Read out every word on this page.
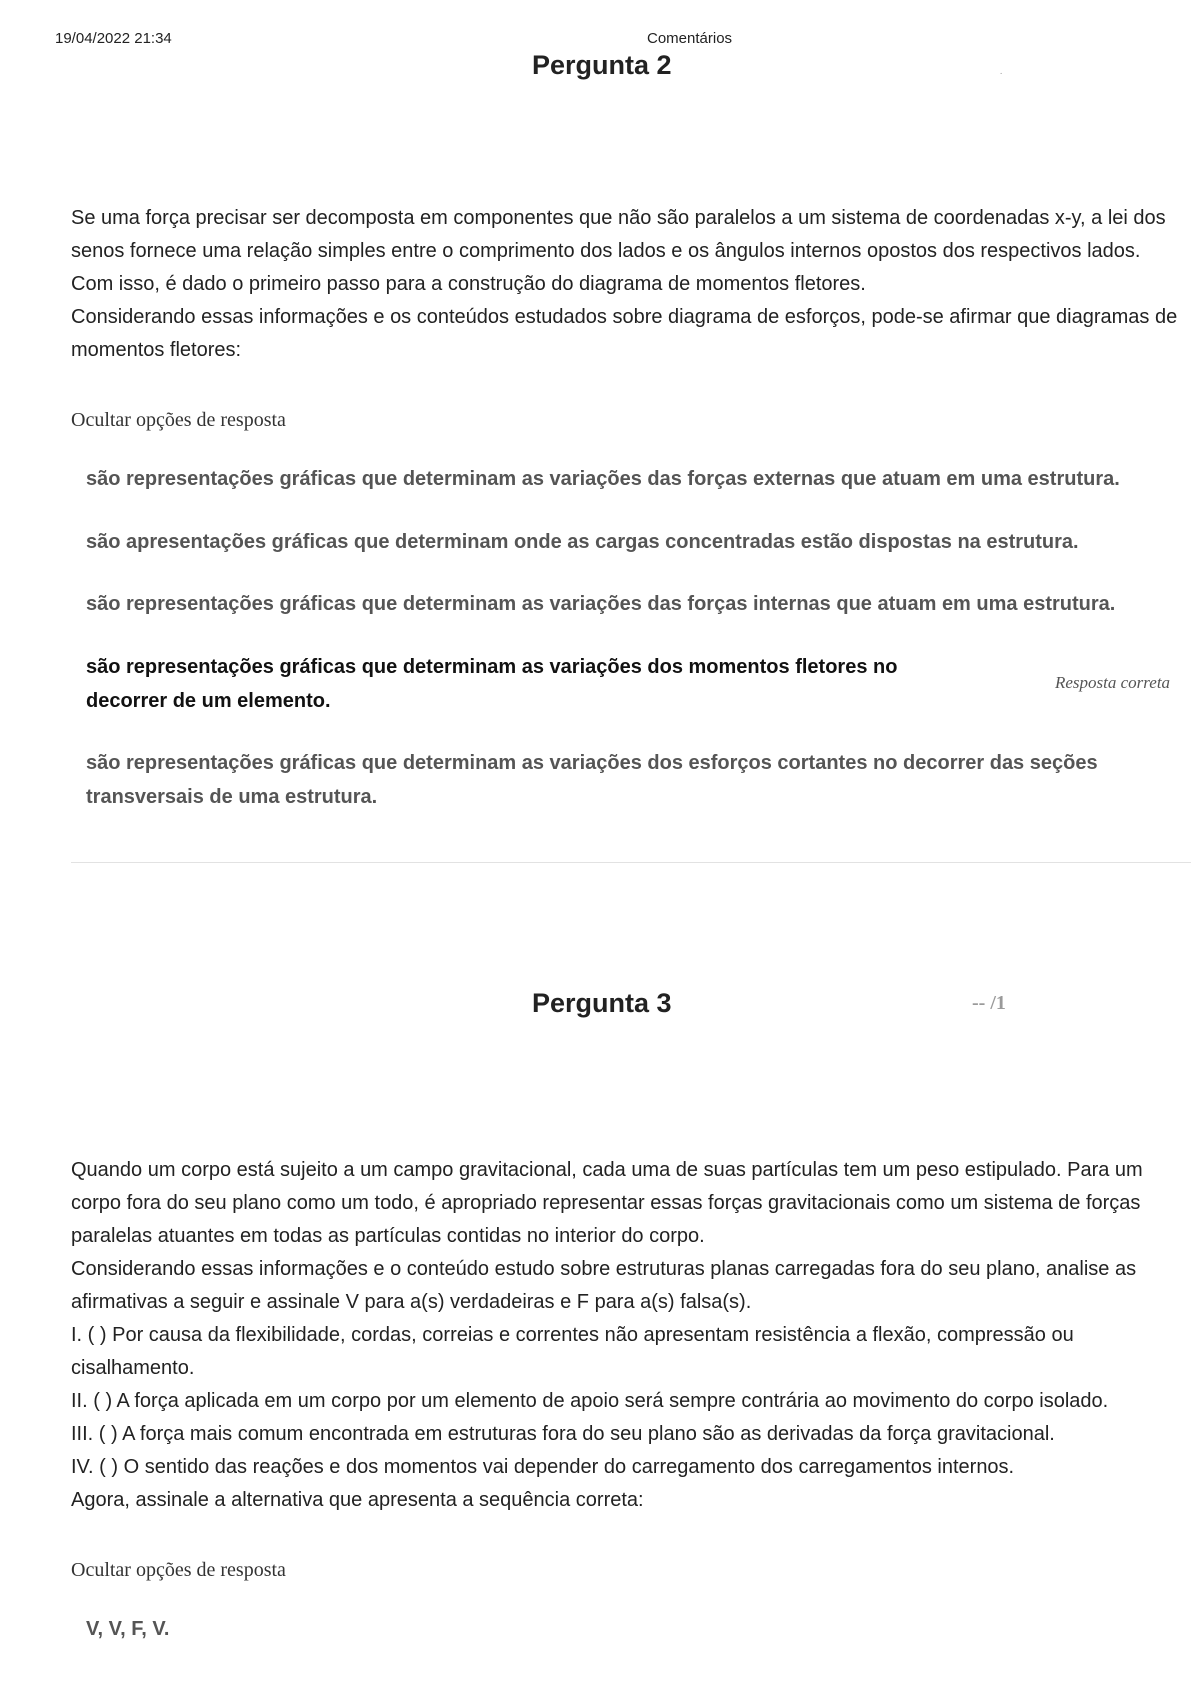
19/04/2022 21:34	Comentários
Pergunta 2	.

Se uma força precisar ser decomposta em componentes que não são paralelos a um sistema de coordenadas x-y, a lei dos senos fornece uma relação simples entre o comprimento dos lados e os ângulos internos opostos dos respectivos lados. Com isso, é dado o primeiro passo para a construção do diagrama de momentos fletores.

Considerando essas informações e os conteúdos estudados sobre diagrama de esforços, pode-se afirmar que diagramas de momentos fletores:

Ocultar opções de resposta
são representações gráficas que determinam as variações das forças externas que atuam em uma estrutura.
são apresentações gráficas que determinam onde as cargas concentradas estão dispostas na estrutura.
são representações gráficas que determinam as variações das forças internas que atuam em uma estrutura.
são representações gráficas que determinam as variações dos momentos fletores no decorrer de um elemento.
Resposta correta
são representações gráficas que determinam as variações dos esforços cortantes no decorrer das seções transversais de uma estrutura.
Pergunta 3	-- /1

Quando um corpo está sujeito a um campo gravitacional, cada uma de suas partículas tem um peso estipulado. Para um corpo fora do seu plano como um todo, é apropriado representar essas forças gravitacionais como um sistema de forças paralelas atuantes em todas as partículas contidas no interior do corpo.

Considerando essas informações e o conteúdo estudo sobre estruturas planas carregadas fora do seu plano, analise as afirmativas a seguir e assinale V para a(s) verdadeiras e F para a(s) falsa(s).

I. ( ) Por causa da flexibilidade, cordas, correias e correntes não apresentam resistência a flexão, compressão ou cisalhamento.

II. ( ) A força aplicada em um corpo por um elemento de apoio será sempre contrária ao movimento do corpo isolado.

III. ( ) A força mais comum encontrada em estruturas fora do seu plano são as derivadas da força gravitacional.

IV. ( ) O sentido das reações e dos momentos vai depender do carregamento dos carregamentos internos.

Agora, assinale a alternativa que apresenta a sequência correta:

Ocultar opções de resposta
V, V, F, V.
